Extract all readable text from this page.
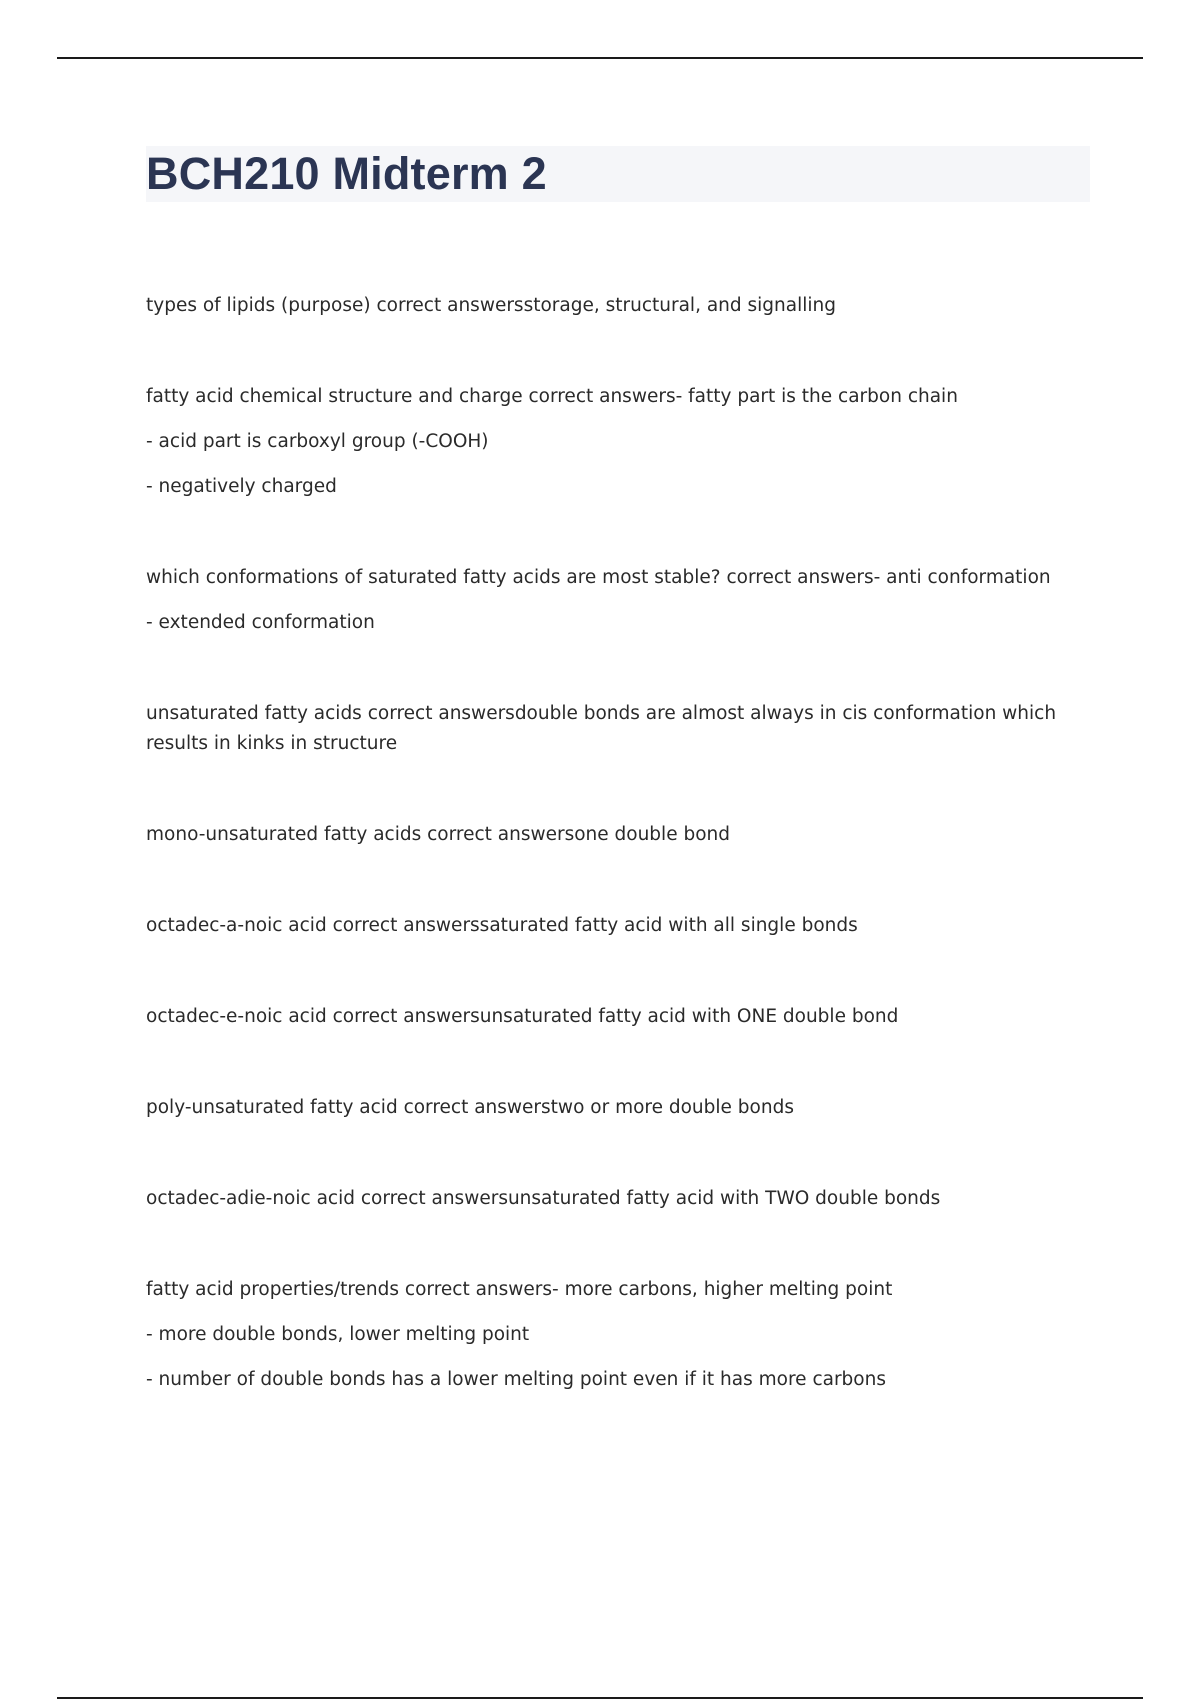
BCH210 Midterm 2

types of lipids (purpose) correct answersstorage, structural, and signalling

fatty acid chemical structure and charge correct answers- fatty part is the carbon chain

- acid part is carboxyl group (-COOH)

- negatively charged

which conformations of saturated fatty acids are most stable? correct answers- anti conformation

- extended conformation

unsaturated fatty acids correct answersdouble bonds are almost always in cis conformation which results in kinks in structure

mono-unsaturated fatty acids correct answersone double bond

octadec-a-noic acid correct answerssaturated fatty acid with all single bonds

octadec-e-noic acid correct answersunsaturated fatty acid with ONE double bond

poly-unsaturated fatty acid correct answerstwo or more double bonds

octadec-adie-noic acid correct answersunsaturated fatty acid with TWO double bonds

fatty acid properties/trends correct answers- more carbons, higher melting point

- more double bonds, lower melting point

- number of double bonds has a lower melting point even if it has more carbons
